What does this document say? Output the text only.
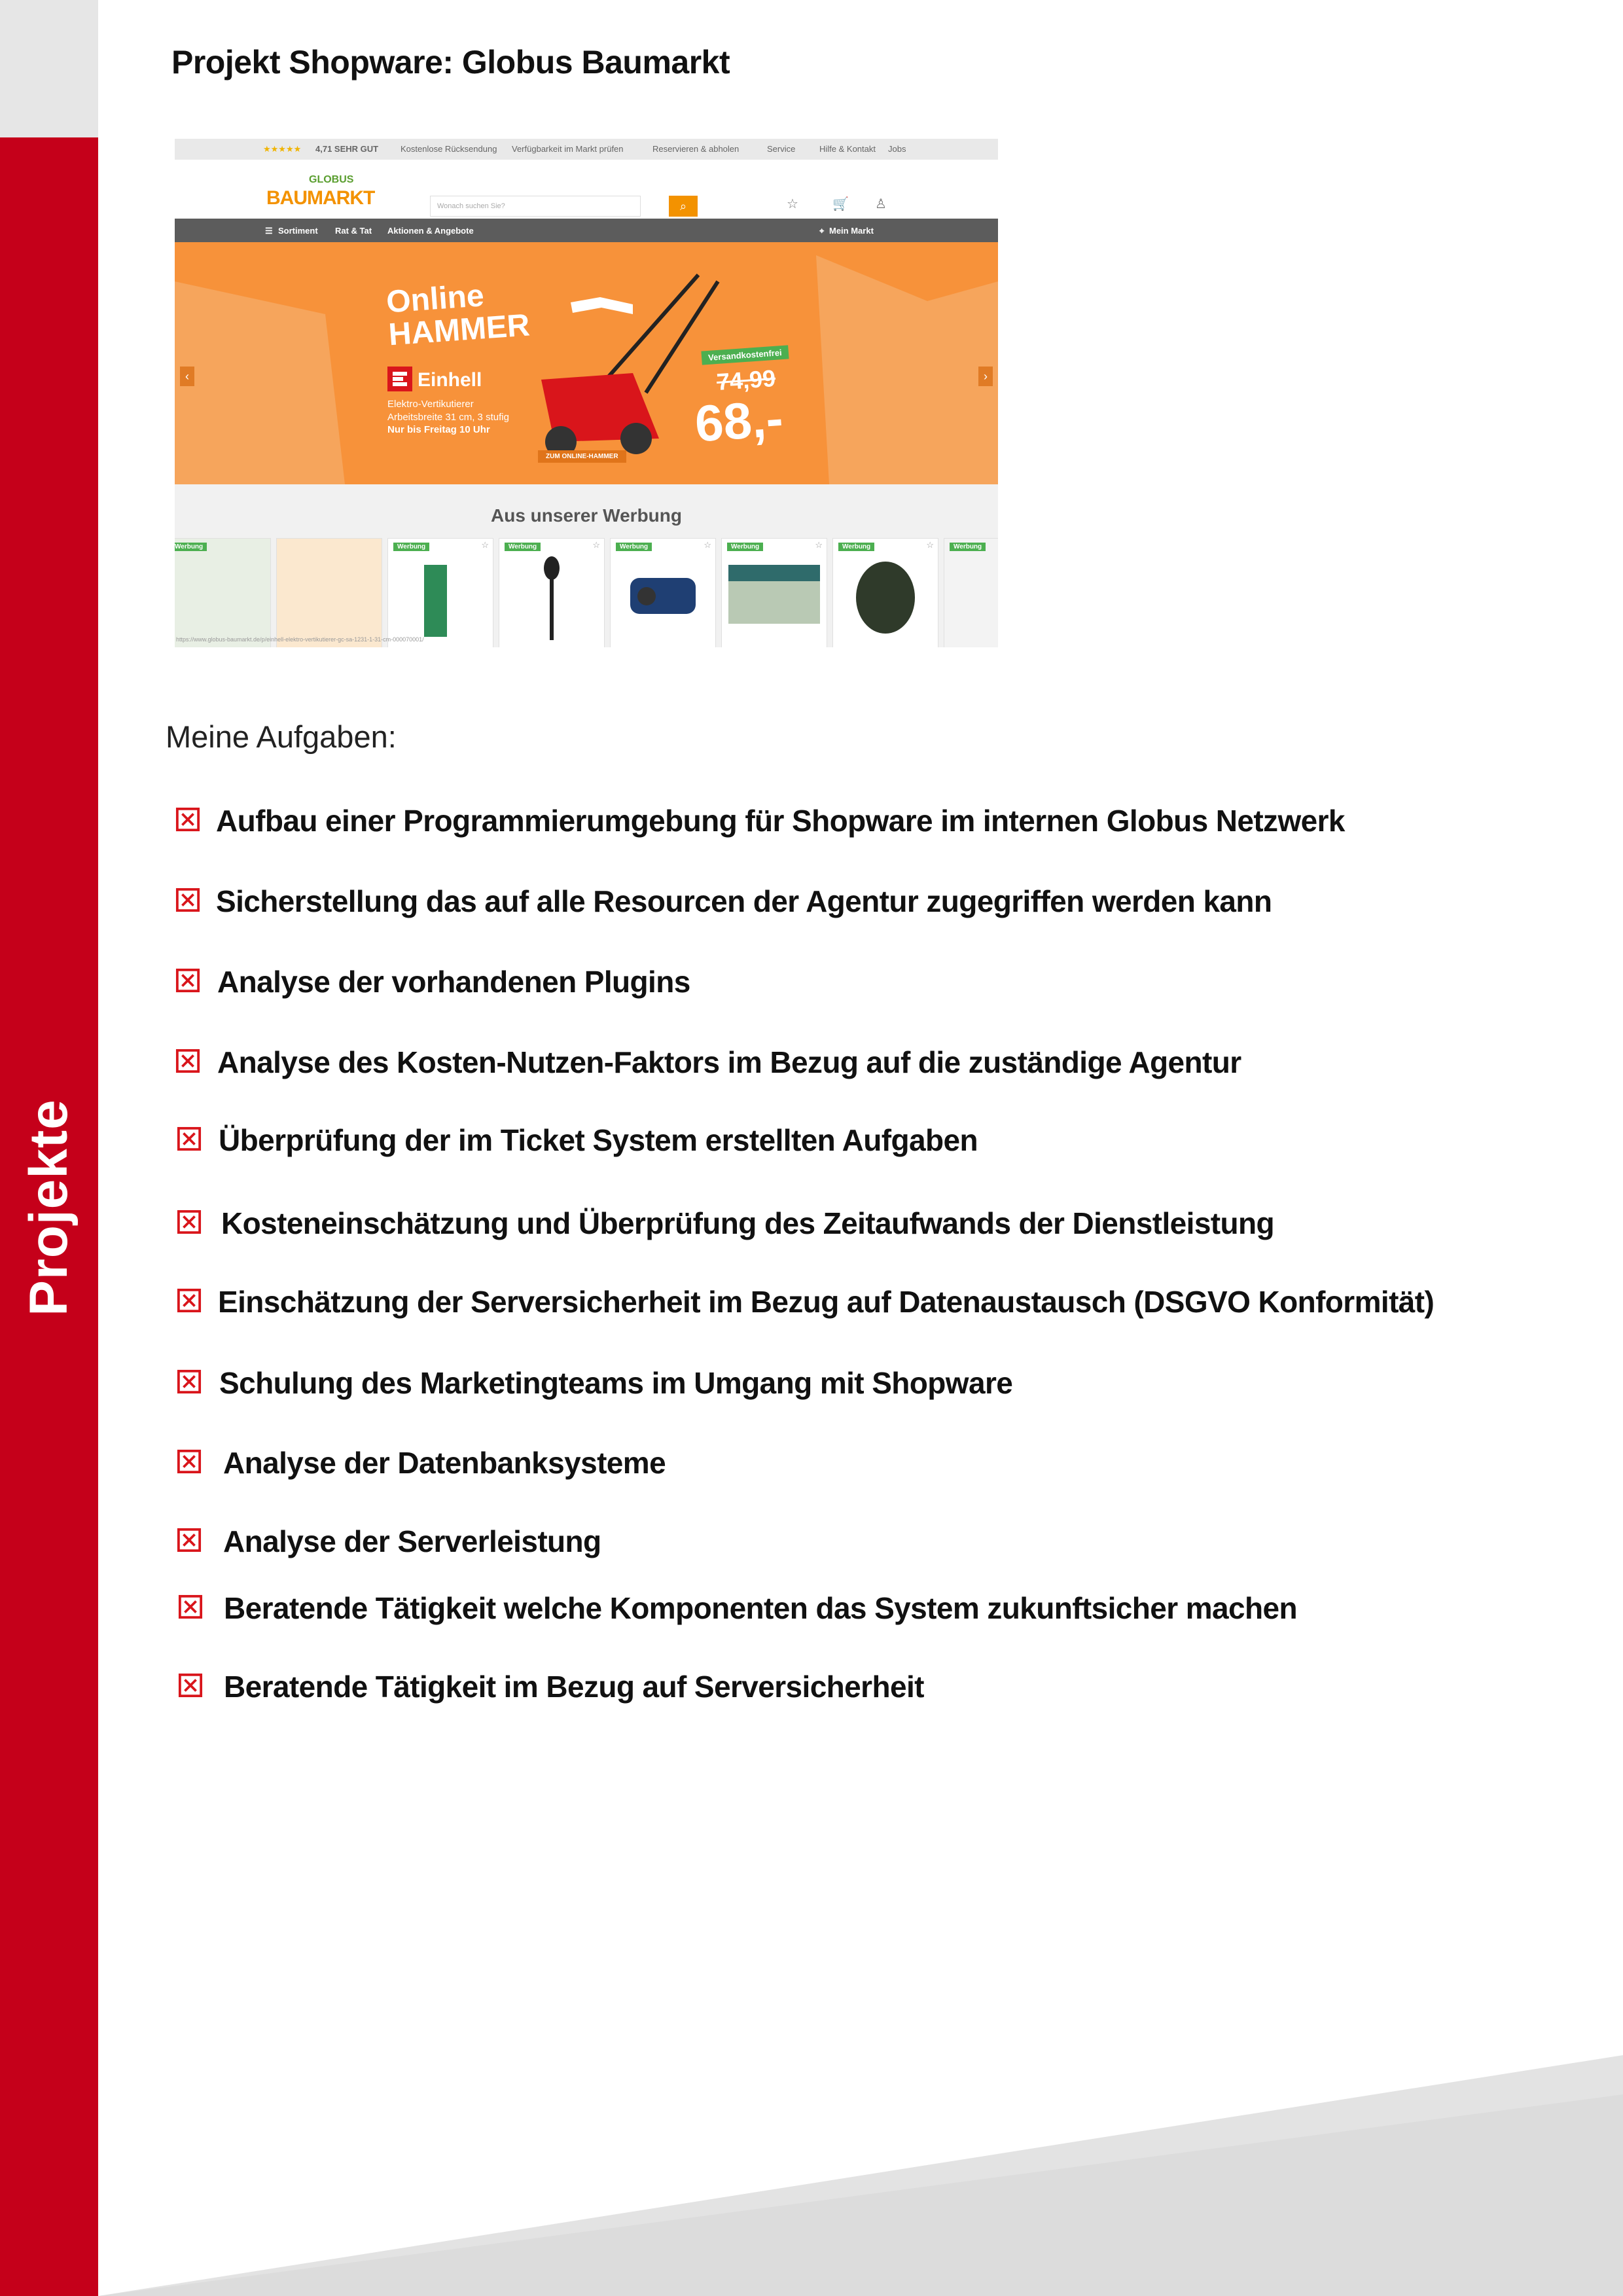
Projekte
Projekt Shopware: Globus Baumarkt
★★★★★ 4,71 SEHR GUT	Kostenlose Rücksendung Verfügbarkeit im Markt prüfen	Reservieren & abholen	Service	Hilfe & Kontakt Jobs
GLOBUS
BAUMARKT	Wonach suchen Sie?	⌕	☆	🛒 ♙
☰ Sortiment Rat & Tat Aktionen & Angebote	⌖ Mein Markt
Online
HAMMER
Einhell
Elektro-Vertikutierer
Arbeitsbreite 31 cm, 3 stufig
Nur bis Freitag 10 Uhr
Versandkostenfrei
74,99
68,-
ZUM ONLINE-HAMMER
‹	›
Aus unserer Werbung
Werbung	Werbung	☆	Werbung	☆	Werbung	☆	Werbung	☆	Werbung	☆	Werbung
https://www.globus-baumarkt.de/p/einhell-elektro-vertikutierer-gc-sa-1231-1-31-cm-000070001/
Meine Aufgaben:
Aufbau einer Programmierumgebung für Shopware im internen Globus Netzwerk
Sicherstellung das auf alle Resourcen der Agentur zugegriffen werden kann
Analyse der vorhandenen Plugins
Analyse des Kosten-Nutzen-Faktors im Bezug auf die zuständige Agentur
Überprüfung der im Ticket System erstellten Aufgaben
Kosteneinschätzung und Überprüfung des Zeitaufwands der Dienstleistung
Einschätzung der Serversicherheit im Bezug auf Datenaustausch (DSGVO Konformität)
Schulung des Marketingteams im Umgang mit Shopware
Analyse der Datenbanksysteme
Analyse der Serverleistung
Beratende Tätigkeit welche Komponenten das System zukunftsicher machen
Beratende Tätigkeit im Bezug auf Serversicherheit
